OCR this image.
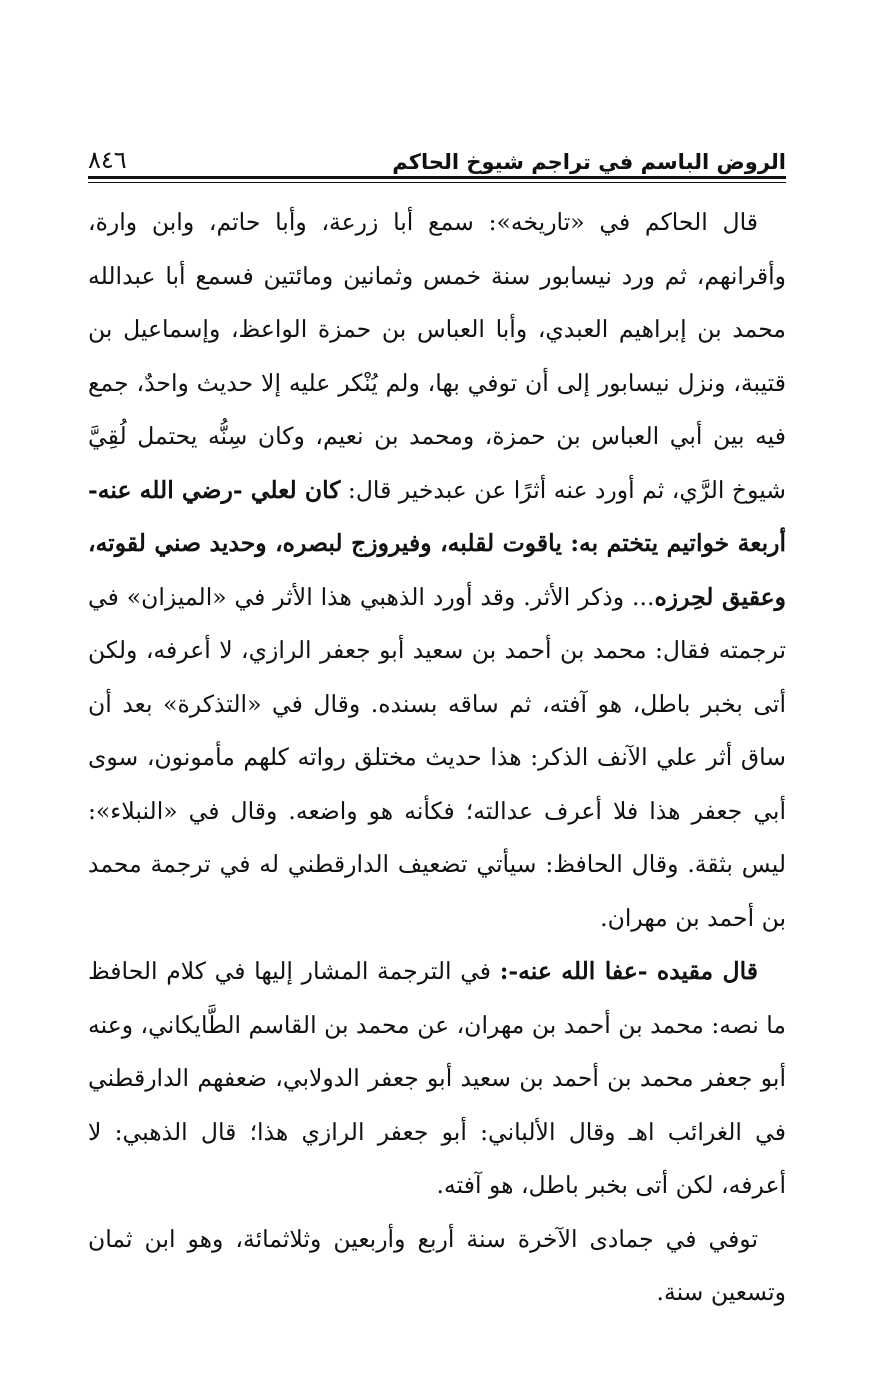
٨٤٦	الروض الباسم في تراجم شيوخ الحاكم

قال الحاكم في «تاريخه»: سمع أبا زرعة، وأبا حاتم، وابن وارة، وأقرانهم، ثم ورد نيسابور سنة خمس وثمانين ومائتين فسمع أبا عبدالله محمد بن إبراهيم العبدي، وأبا العباس بن حمزة الواعظ، وإسماعيل بن قتيبة، ونزل نيسابور إلى أن توفي بها، ولم يُنْكر عليه إلا حديث واحدٌ، جمع فيه بين أبي العباس بن حمزة، ومحمد بن نعيم، وكان سِنُّه يحتمل لُقِيَّ شيوخ الرَّي، ثم أورد عنه أثرًا عن عبدخير قال: كان لعلي -رضي الله عنه- أربعة خواتيم يتختم به: ياقوت لقلبه، وفيروزج لبصره، وحديد صني لقوته، وعقيق لحِرزه... وذكر الأثر. وقد أورد الذهبي هذا الأثر في «الميزان» في ترجمته فقال: محمد بن أحمد بن سعيد أبو جعفر الرازي، لا أعرفه، ولكن أتى بخبر باطل، هو آفته، ثم ساقه بسنده. وقال في «التذكرة» بعد أن ساق أثر علي الآنف الذكر: هذا حديث مختلق رواته كلهم مأمونون، سوى أبي جعفر هذا فلا أعرف عدالته؛ فكأنه هو واضعه. وقال في «النبلاء»: ليس بثقة. وقال الحافظ: سيأتي تضعيف الدارقطني له في ترجمة محمد بن أحمد بن مهران.

قال مقيده -عفا الله عنه-: في الترجمة المشار إليها في كلام الحافظ ما نصه: محمد بن أحمد بن مهران، عن محمد بن القاسم الطَّايكاني، وعنه أبو جعفر محمد بن أحمد بن سعيد أبو جعفر الدولابي، ضعفهم الدارقطني في الغرائب اهـ وقال الألباني: أبو جعفر الرازي هذا؛ قال الذهبي: لا أعرفه، لكن أتى بخبر باطل، هو آفته.

توفي في جمادى الآخرة سنة أربع وأربعين وثلاثمائة، وهو ابن ثمان وتسعين سنة.
